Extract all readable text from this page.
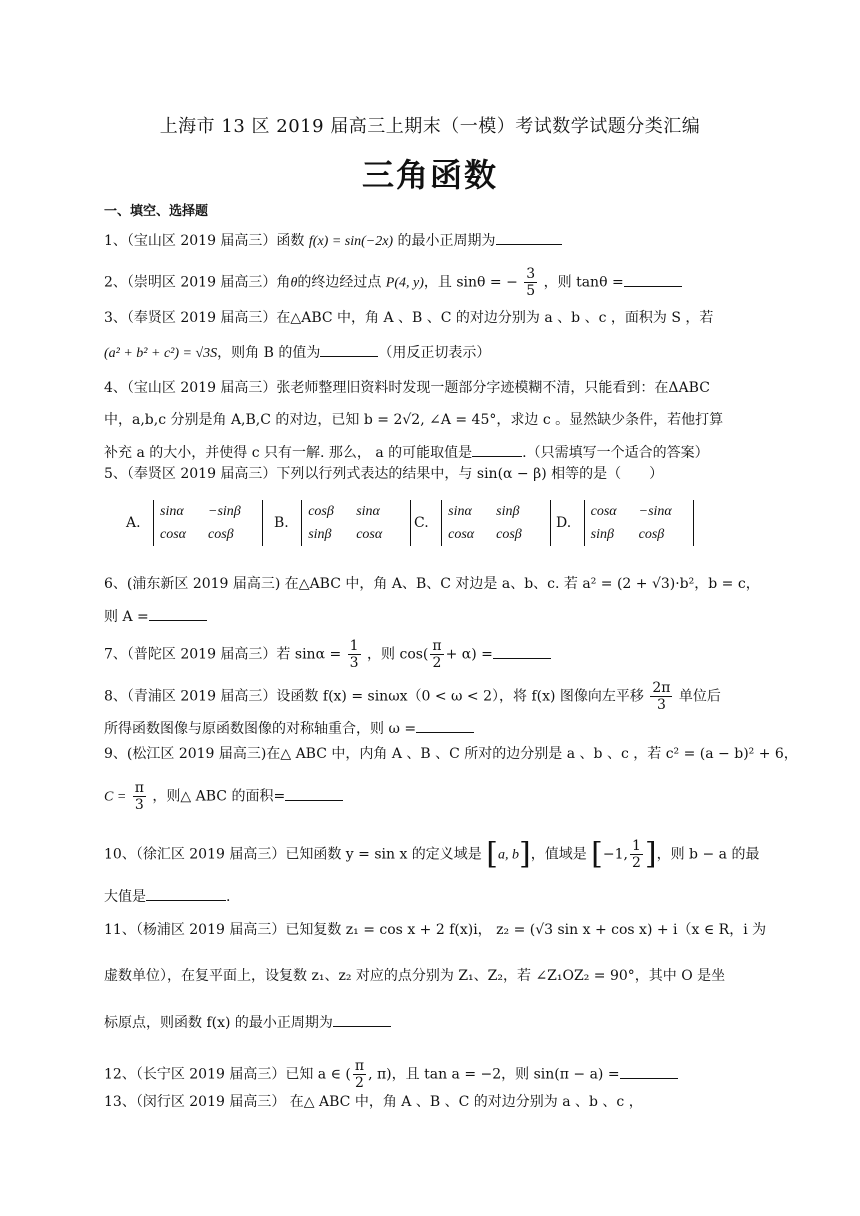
上海市 13 区 2019 届高三上期末（一模）考试数学试题分类汇编
三角函数
一、填空、选择题
1、（宝山区 2019 届高三）函数 f(x) = sin(−2x) 的最小正周期为
2、（崇明区 2019 届高三）角θ的终边经过点 P(4, y)，且 sinθ = − $\frac{3}{5}$ ，则 tanθ =
3、（奉贤区 2019 届高三）在△ABC 中，角 A 、B 、C 的对边分别为 a 、b 、c ，面积为 S ，若
(a² + b² + c²) = √3S，则角 B 的值为	（用反正切表示）
4、（宝山区 2019 届高三）张老师整理旧资料时发现一题部分字迹模糊不清，只能看到：在ΔABC
中，a,b,c 分别是角 A,B,C 的对边，已知 b = 2√2, ∠A = 45°，求边 c 。显然缺少条件，若他打算
补充 a 的大小，并使得 c 只有一解. 那么， a 的可能取值是	.（只需填写一个适合的答案）
5、（奉贤区 2019 届高三）下列以行列式表达的结果中，与 sin(α − β) 相等的是（　　）
A.
sinα −sinβ
cosα cosβ
B.
cosβ sinα
sinβ cosα
C.
sinα sinβ
cosα cosβ
D.
cosα −sinα
sinβ cosβ
6、(浦东新区 2019 届高三) 在△ABC 中，角 A、B、C 对边是 a、b、c. 若 a² = (2 + √3)·b²，b = c，
则 A =
7、（普陀区 2019 届高三）若 $\sin\alpha = \frac{1}{3}$ ，则 $\cos( \frac{\pi}{2} + \alpha)$ =
8、（青浦区 2019 届高三）设函数 f(x) = sinωx（0 < ω < 2），将 f(x) 图像向左平移 $\frac{2\pi}{3}$ 单位后
所得函数图像与原函数图像的对称轴重合，则 ω =
9、(松江区 2019 届高三)在△ ABC 中，内角 A 、B 、C 所对的边分别是 a 、b 、c ，若 c² = (a − b)² + 6，
$C = \frac{\pi}{3}$ ，则△ ABC 的面积=
10、（徐汇区 2019 届高三）已知函数 y = sin x 的定义域是 [a, b]，值域是 [−1, $\frac{1}{2}$ ]，则 b − a 的最
大值是	.
11、（杨浦区 2019 届高三）已知复数 z₁ = cos x + 2 f(x)i， z₂ = (√3 sin x + cos x) + i（x ∈ R，i 为
虚数单位），在复平面上，设复数 z₁、z₂ 对应的点分别为 Z₁、Z₂，若 ∠Z₁OZ₂ = 90°，其中 O 是坐
标原点，则函数 f(x) 的最小正周期为
12、（长宁区 2019 届高三）已知 a ∈ ( $\frac{\pi}{2}$ , π)，且 tan a = −2，则 sin(π − a) =
13、（闵行区 2019 届高三） 在△ ABC 中，角 A 、B 、C 的对边分别为 a 、b 、c ，
